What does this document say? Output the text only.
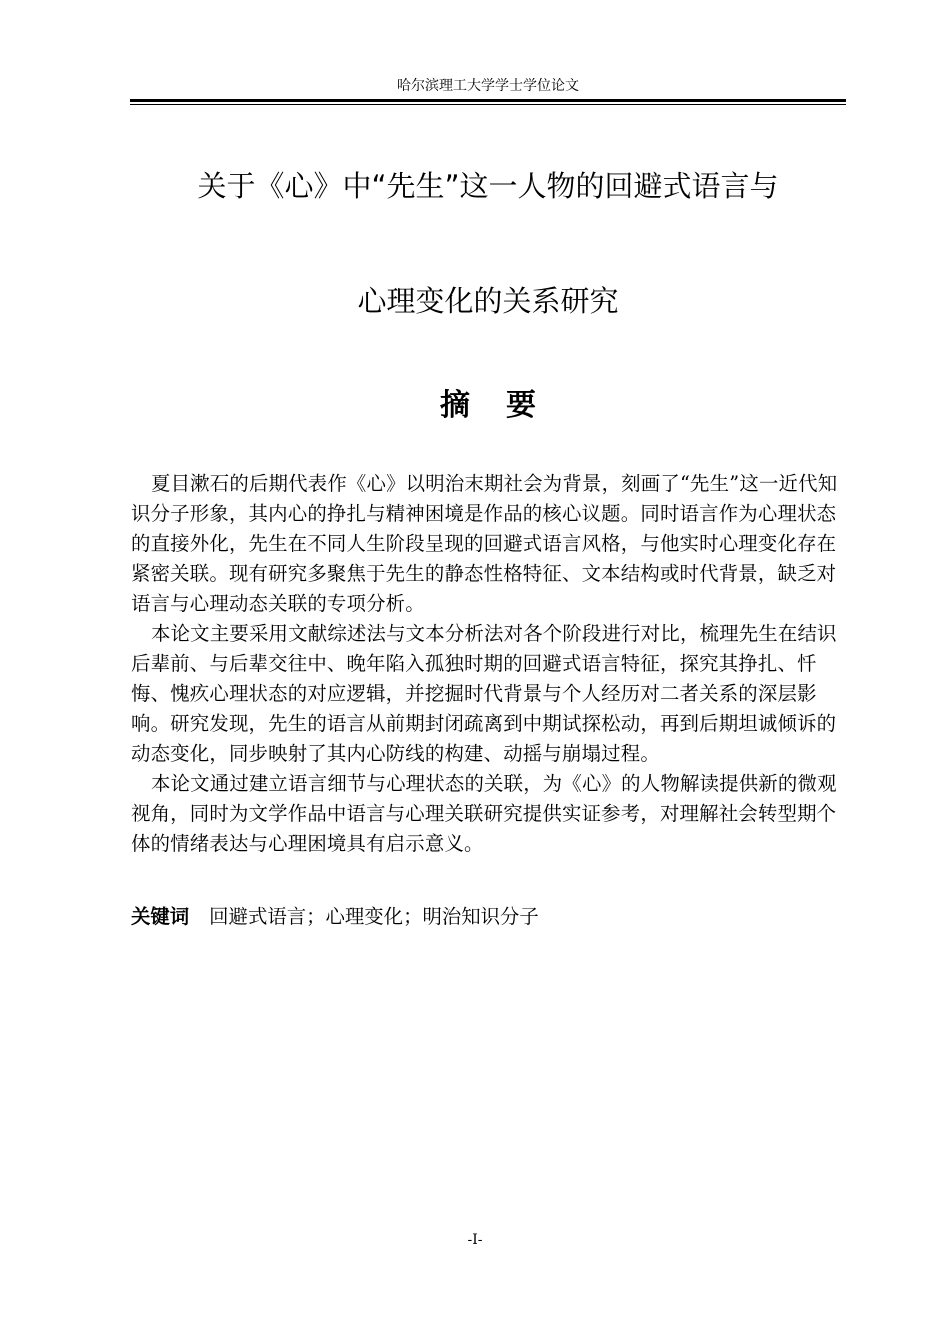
哈尔滨理工大学学士学位论文
关于《心》中“先生”这一人物的回避式语言与
心理变化的关系研究
摘 要

夏目漱石的后期代表作《心》以明治末期社会为背景，刻画了“先生”这一近代知识分子形象，其内心的挣扎与精神困境是作品的核心议题。同时语言作为心理状态的直接外化，先生在不同人生阶段呈现的回避式语言风格，与他实时心理变化存在紧密关联。现有研究多聚焦于先生的静态性格特征、文本结构或时代背景，缺乏对语言与心理动态关联的专项分析。

本论文主要采用文献综述法与文本分析法对各个阶段进行对比，梳理先生在结识后辈前、与后辈交往中、晚年陷入孤独时期的回避式语言特征，探究其挣扎、忏悔、愧疚心理状态的对应逻辑，并挖掘时代背景与个人经历对二者关系的深层影响。研究发现，先生的语言从前期封闭疏离到中期试探松动，再到后期坦诚倾诉的动态变化，同步映射了其内心防线的构建、动摇与崩塌过程。

本论文通过建立语言细节与心理状态的关联，为《心》的人物解读提供新的微观视角，同时为文学作品中语言与心理关联研究提供实证参考，对理解社会转型期个体的情绪表达与心理困境具有启示意义。

关键词 回避式语言；心理变化；明治知识分子
-I-
